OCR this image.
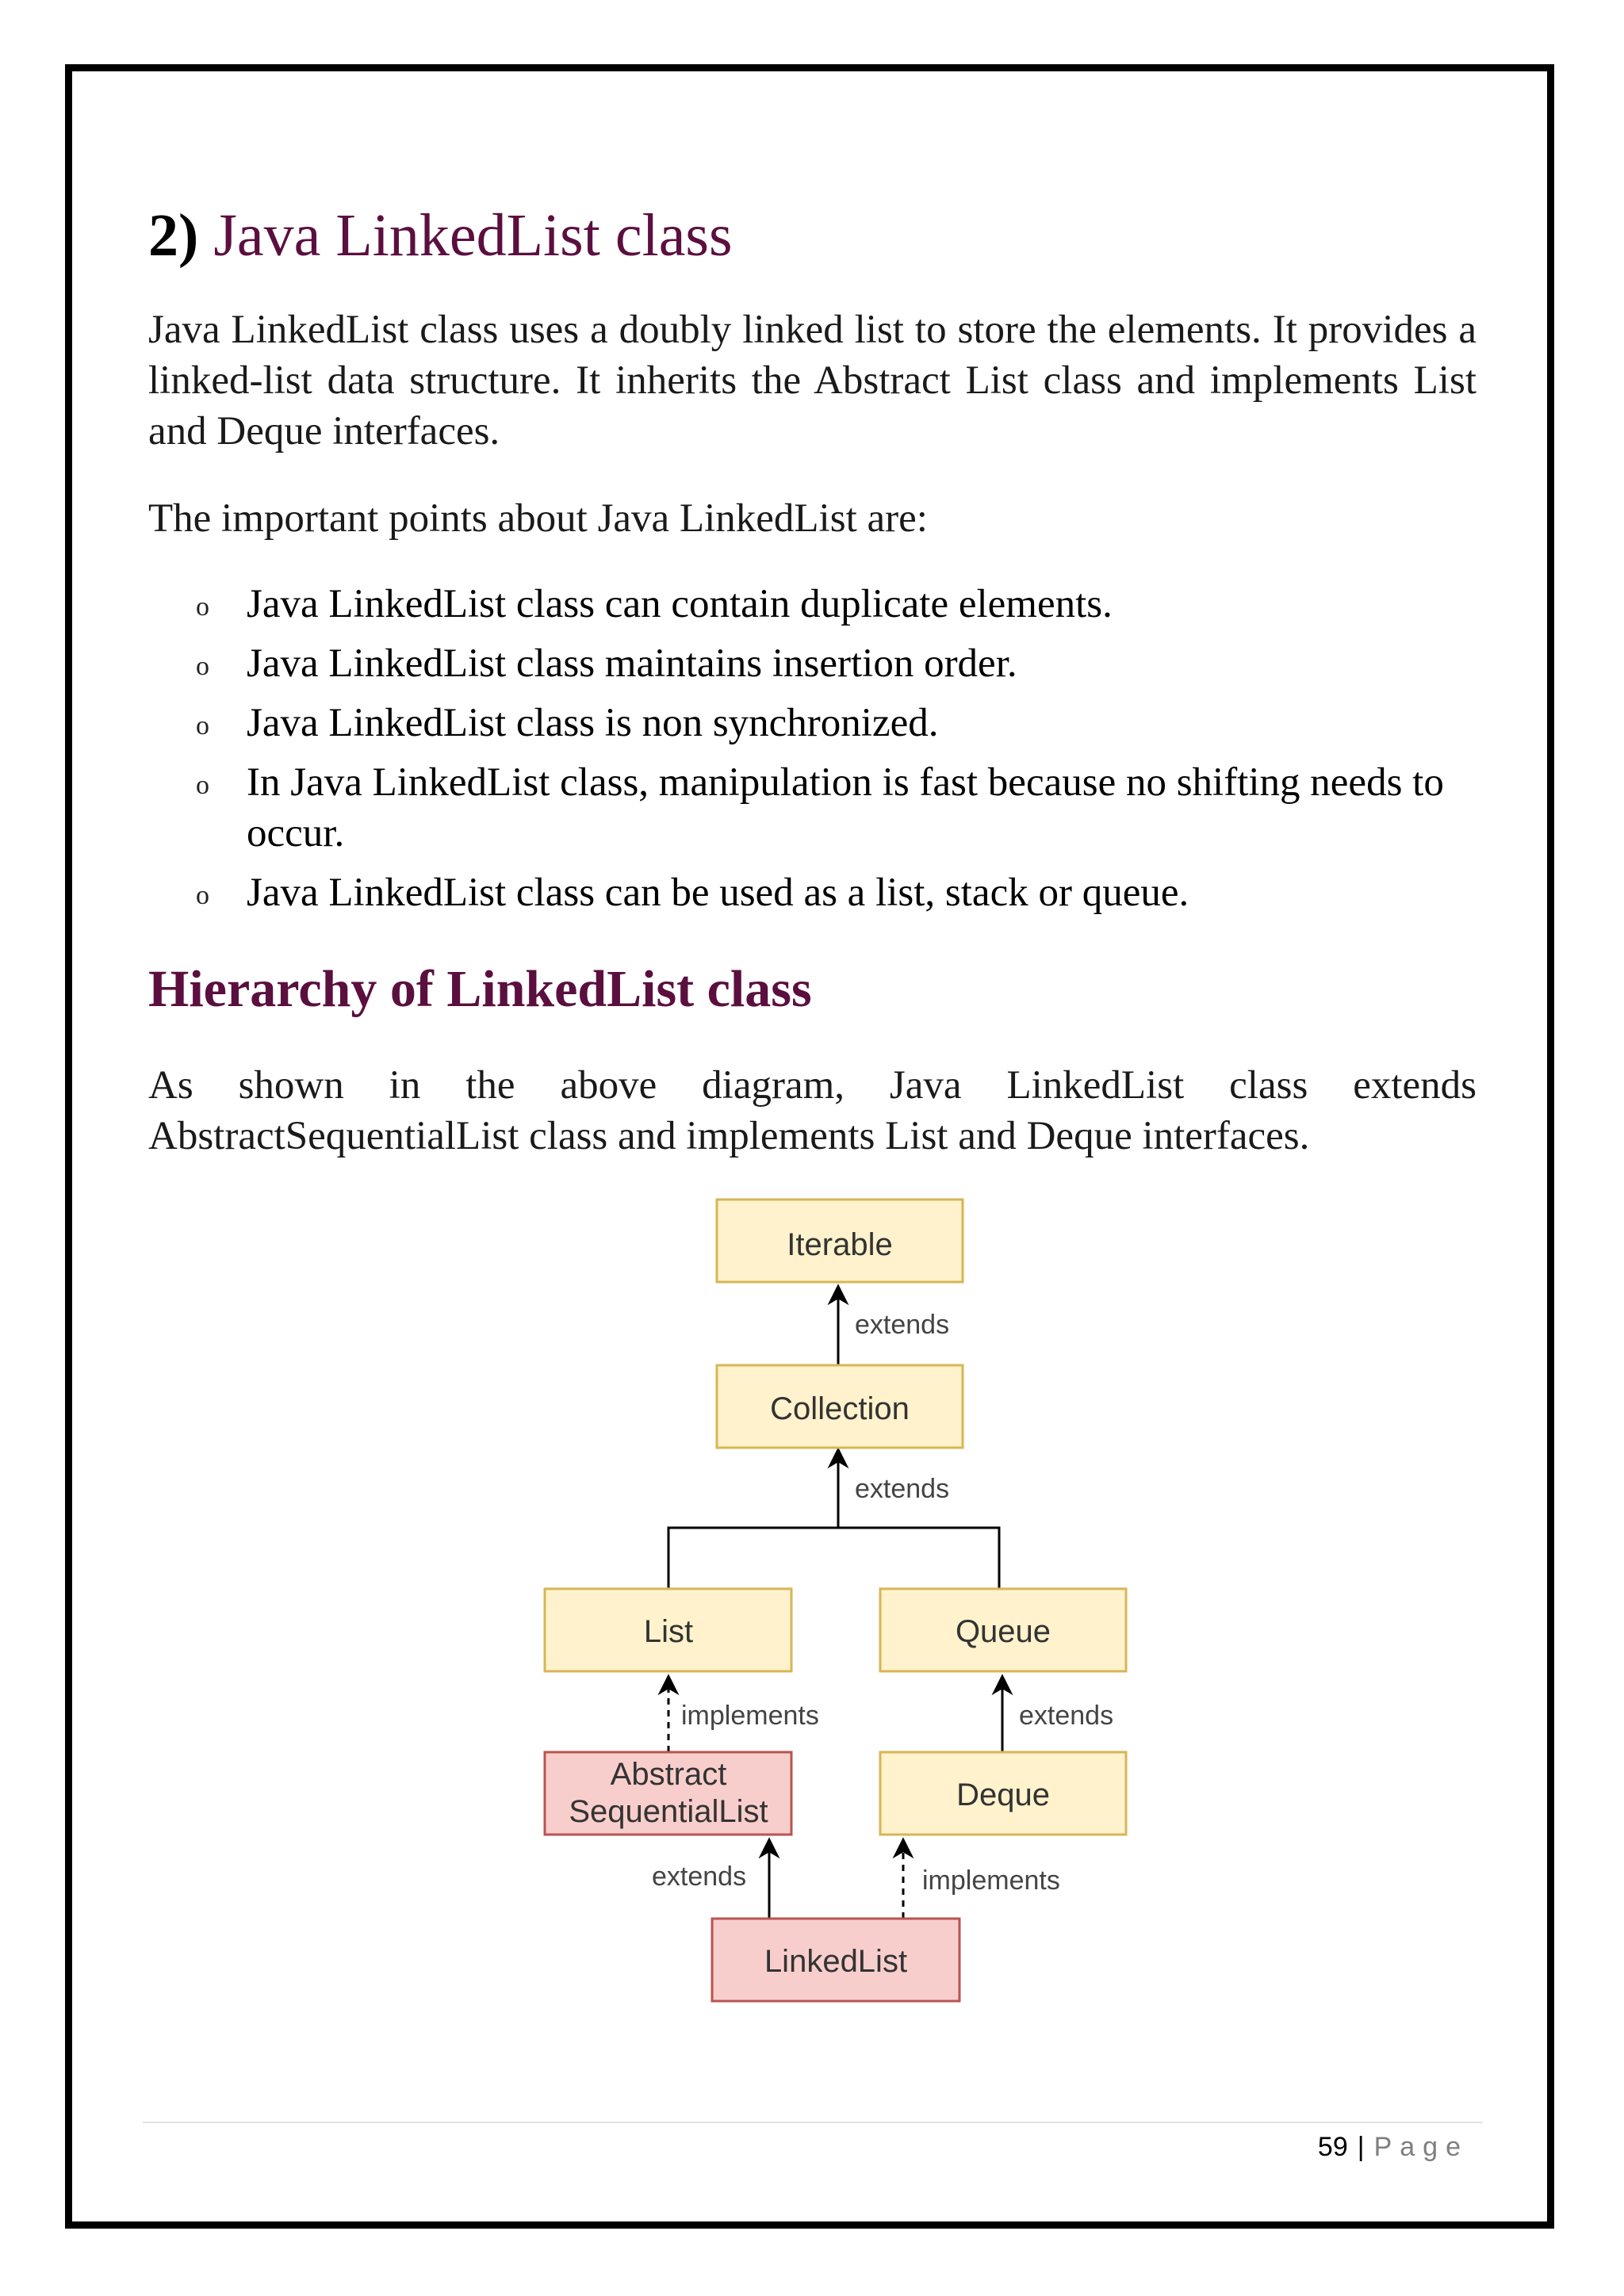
2) Java LinkedList class

Java LinkedList class uses a doubly linked list to store the elements. It provides a linked-list data structure. It inherits the Abstract List class and implements List and Deque interfaces.

The important points about Java LinkedList are:

o Java LinkedList class can contain duplicate elements.
o Java LinkedList class maintains insertion order.
o Java LinkedList class is non synchronized.
o In Java LinkedList class, manipulation is fast because no shifting needs to occur.
o Java LinkedList class can be used as a list, stack or queue.
Hierarchy of LinkedList class

As shown in the above diagram, Java LinkedList class extends AbstractSequentialList class and implements List and Deque interfaces.

extends
extends
implements	extends
extends	implements
Iterable
Collection
List	Queue
Abstract
SequentialList	Deque
LinkedList
59 | Page
